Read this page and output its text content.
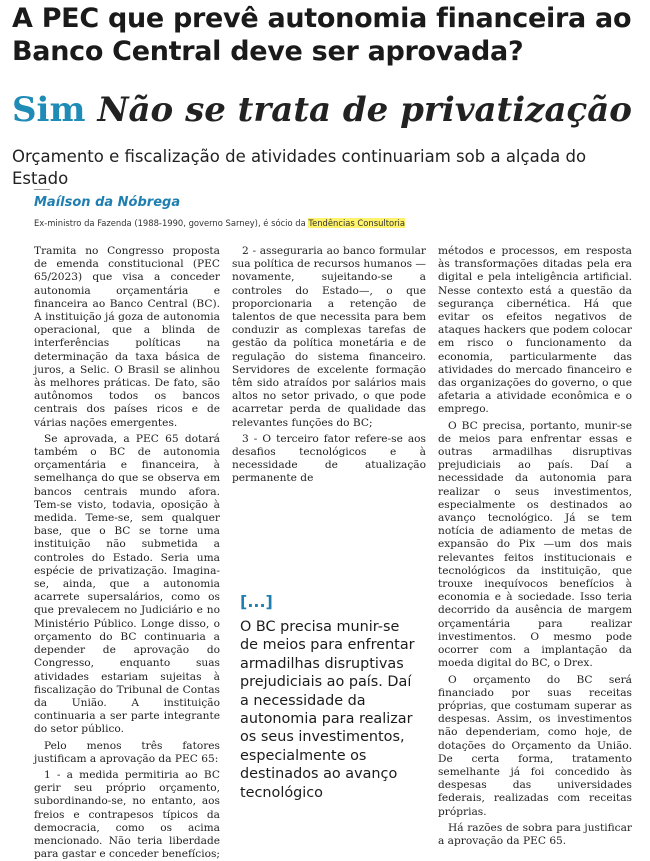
A PEC que prevê autonomia financeira ao Banco Central deve ser aprovada?
Sim Não se trata de privatização

Orçamento e fiscalização de atividades continuariam sob a alçada do Estado

Maílson da Nóbrega

Ex-ministro da Fazenda (1988-1990, governo Sarney), é sócio da Tendências Consultoria

Tramita no Congresso proposta de emenda constitucional (PEC 65/2023) que visa a conceder autonomia orçamentária e financeira ao Banco Central (BC). A instituição já goza de autonomia operacional, que a blinda de interferências políticas na determinação da taxa básica de juros, a Selic. O Brasil se alinhou às melhores práticas. De fato, são autônomos todos os bancos centrais dos países ricos e de várias nações emergentes.

Se aprovada, a PEC 65 dotará também o BC de autonomia orçamentária e financeira, à semelhança do que se observa em bancos centrais mundo afora. Tem-se visto, todavia, oposição à medida. Teme-se, sem qualquer base, que o BC se torne uma instituição não submetida a controles do Estado. Seria uma espécie de privatização. Imagina-se, ainda, que a autonomia acarrete supersalários, como os que prevalecem no Judiciário e no Ministério Público. Longe disso, o orçamento do BC continuaria a depender de aprovação do Congresso, enquanto suas atividades estariam sujeitas à fiscalização do Tribunal de Contas da União. A instituição continuaria a ser parte integrante do setor público.

Pelo menos três fatores justificam a aprovação da PEC 65:

1 - a medida permitiria ao BC gerir seu próprio orçamento, subordinando-se, no entanto, aos freios e contrapesos típicos da democracia, como os acima mencionado. Não teria liberdade para gastar e conceder benefícios;

2 - asseguraria ao banco formular sua política de recursos humanos —novamente, sujeitando-se a controles do Estado—, o que proporcionaria a retenção de talentos de que necessita para bem conduzir as complexas tarefas de gestão da política monetária e de regulação do sistema financeiro. Servidores de excelente formação têm sido atraídos por salários mais altos no setor privado, o que pode acarretar perda de qualidade das relevantes funções do BC;

3 - O terceiro fator refere-se aos desafios tecnológicos e à necessidade de atualização permanente de

[...]

O BC precisa munir-se de meios para enfrentar armadilhas disruptivas prejudiciais ao país. Daí a necessidade da autonomia para realizar os seus investimentos, especialmente os destinados ao avanço tecnológico

métodos e processos, em resposta às transformações ditadas pela era digital e pela inteligência artificial. Nesse contexto está a questão da segurança cibernética. Há que evitar os efeitos negativos de ataques hackers que podem colocar em risco o funcionamento da economia, particularmente das atividades do mercado financeiro e das organizações do governo, o que afetaria a atividade econômica e o emprego.

O BC precisa, portanto, munir-se de meios para enfrentar essas e outras armadilhas disruptivas prejudiciais ao país. Daí a necessidade da autonomia para realizar o seus investimentos, especialmente os destinados ao avanço tecnológico. Já se tem notícia de adiamento de metas de expansão do Pix —um dos mais relevantes feitos institucionais e tecnológicos da instituição, que trouxe inequívocos benefícios à economia e à sociedade. Isso teria decorrido da ausência de margem orçamentária para realizar investimentos. O mesmo pode ocorrer com a implantação da moeda digital do BC, o Drex.

O orçamento do BC será financiado por suas receitas próprias, que costumam superar as despesas. Assim, os investimentos não dependeriam, como hoje, de dotações do Orçamento da União. De certa forma, tratamento semelhante já foi concedido às despesas das universidades federais, realizadas com receitas próprias.

Há razões de sobra para justificar a aprovação da PEC 65.
